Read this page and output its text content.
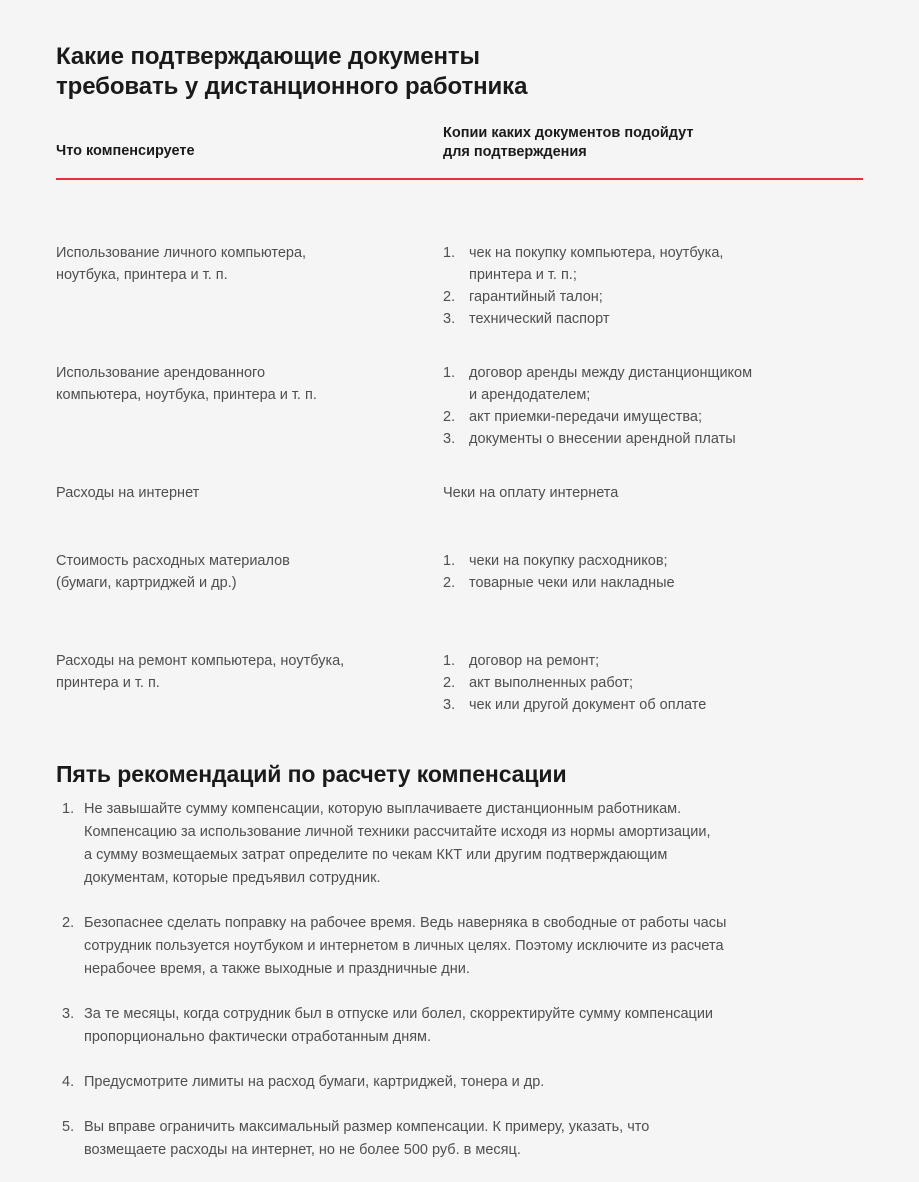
Какие подтверждающие документы
требовать у дистанционного работника
Что компенсируете
Копии каких документов подойдут
для подтверждения
Использование личного компьютера,
ноутбука, принтера и т. п.
чек на покупку компьютера, ноутбука,
принтера и т. п.;
гарантийный талон;
технический паспорт
Использование арендованного
компьютера, ноутбука, принтера и т. п.
договор аренды между дистанционщиком
и арендодателем;
акт приемки-передачи имущества;
документы о внесении арендной платы
Расходы на интернет	Чеки на оплату интернета
Стоимость расходных материалов
(бумаги, картриджей и др.)
чеки на покупку расходников;
товарные чеки или накладные
Расходы на ремонт компьютера, ноутбука,
принтера и т. п.
договор на ремонт;
акт выполненных работ;
чек или другой документ об оплате
Пять рекомендаций по расчету компенсации
Не завышайте сумму компенсации, которую выплачиваете дистанционным работникам.
Компенсацию за использование личной техники рассчитайте исходя из нормы амортизации,
а сумму возмещаемых затрат определите по чекам ККТ или другим подтверждающим
документам, которые предъявил сотрудник.
Безопаснее сделать поправку на рабочее время. Ведь наверняка в свободные от работы часы
сотрудник пользуется ноутбуком и интернетом в личных целях. Поэтому исключите из расчета
нерабочее время, а также выходные и праздничные дни.
За те месяцы, когда сотрудник был в отпуске или болел, скорректируйте сумму компенсации
пропорционально фактически отработанным дням.
Предусмотрите лимиты на расход бумаги, картриджей, тонера и др.
Вы вправе ограничить максимальный размер компенсации. К примеру, указать, что
возмещаете расходы на интернет, но не более 500 руб. в месяц.
